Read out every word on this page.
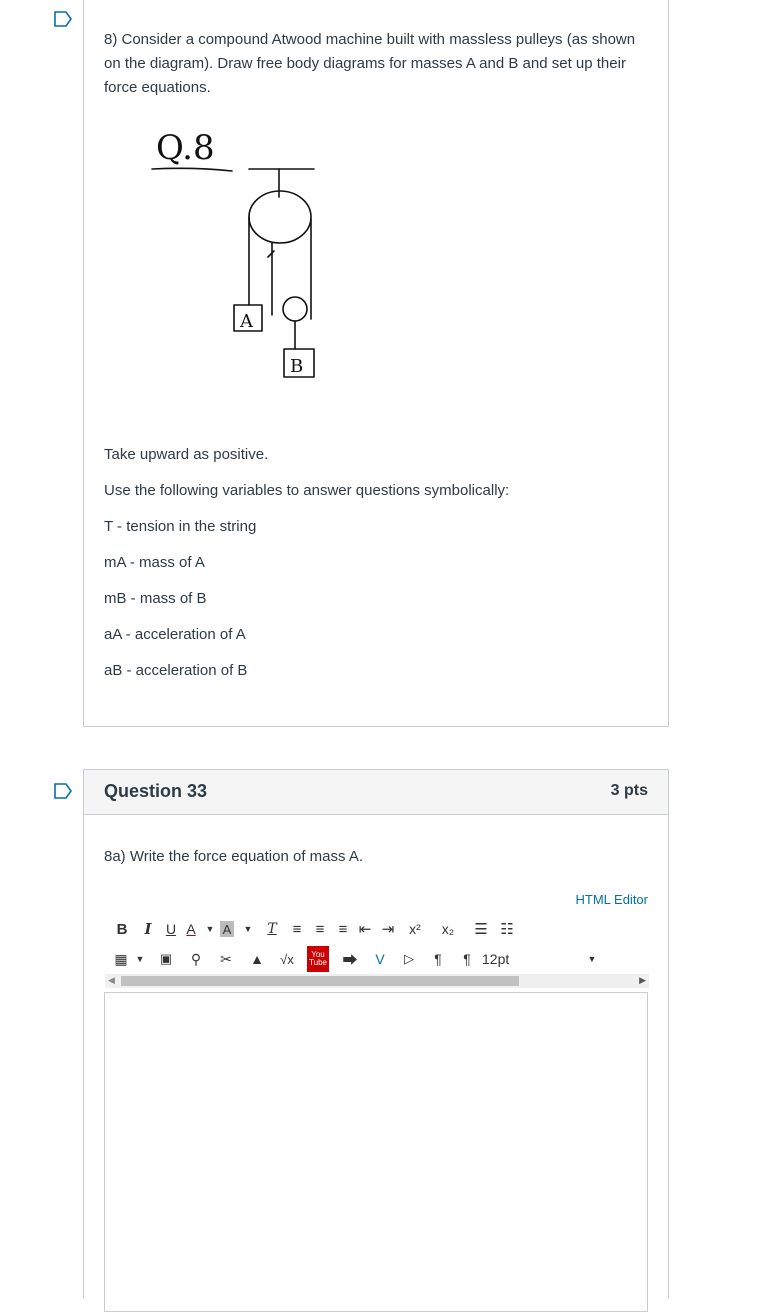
8) Consider a compound Atwood machine built with massless pulleys (as shown on the diagram). Draw free body diagrams for masses A and B and set up their force equations.
Q.8
A
B
Take upward as positive.
Use the following variables to answer questions symbolically:
T - tension in the string
mA - mass of A
mB - mass of B
aA - acceleration of A
aB - acceleration of B
Question 33	3 pts
8a) Write the force equation of mass A.
HTML Editor
B	I	U A	▼ A	▼	T	≡ ≡ ≡ ⇤ ⇥	x²	x₂	☰ ☷
▦ ▼	▣	⚲	✂	▲	√x	You
Tube	⮕	V	▷	¶	¶ 12pt	▼
◀	▶
